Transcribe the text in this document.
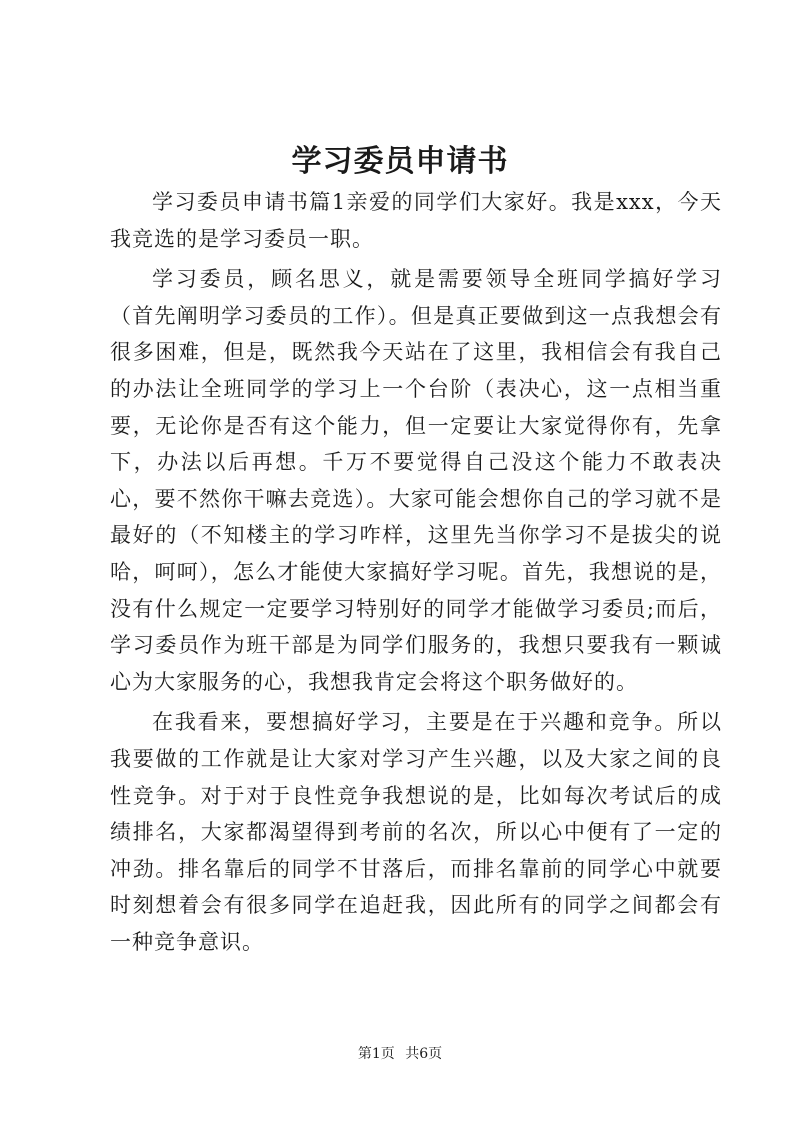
学习委员申请书

学习委员申请书篇1亲爱的同学们大家好。我是xxx，今天我竞选的是学习委员一职。

学习委员，顾名思义，就是需要领导全班同学搞好学习（首先阐明学习委员的工作）。但是真正要做到这一点我想会有很多困难，但是，既然我今天站在了这里，我相信会有我自己的办法让全班同学的学习上一个台阶（表决心，这一点相当重要，无论你是否有这个能力，但一定要让大家觉得你有，先拿下，办法以后再想。千万不要觉得自己没这个能力不敢表决心，要不然你干嘛去竞选）。大家可能会想你自己的学习就不是最好的（不知楼主的学习咋样，这里先当你学习不是拔尖的说哈，呵呵），怎么才能使大家搞好学习呢。首先，我想说的是，没有什么规定一定要学习特别好的同学才能做学习委员;而后，学习委员作为班干部是为同学们服务的，我想只要我有一颗诚心为大家服务的心，我想我肯定会将这个职务做好的。

在我看来，要想搞好学习，主要是在于兴趣和竞争。所以我要做的工作就是让大家对学习产生兴趣，以及大家之间的良性竞争。对于对于良性竞争我想说的是，比如每次考试后的成绩排名，大家都渴望得到考前的名次，所以心中便有了一定的冲劲。排名靠后的同学不甘落后，而排名靠前的同学心中就要时刻想着会有很多同学在追赶我，因此所有的同学之间都会有一种竞争意识。

第1页 共6页
